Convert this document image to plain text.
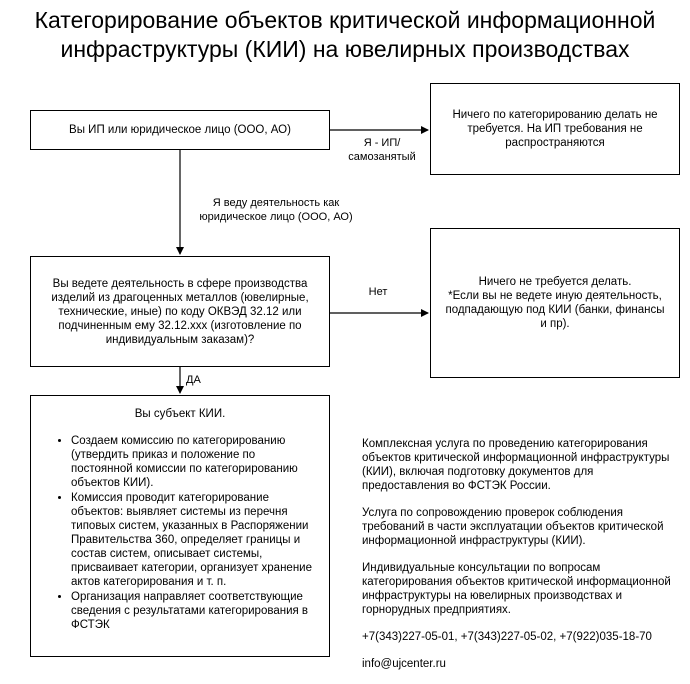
Категорирование объектов критической информационной
инфраструктуры (КИИ) на ювелирных производствах
Вы ИП или юридическое лицо (ООО, АО)
Ничего по категорированию делать не требуется. На ИП требования не распространяются
Я - ИП/ самозанятый
Я веду деятельность как юридическое лицо (ООО, АО)
Вы ведете деятельность в сфере производства изделий из драгоценных металлов (ювелирные, технические, иные) по коду ОКВЭД 32.12 или подчиненным ему 32.12.xxx (изготовление по индивидуальным заказам)?
Нет
Ничего не требуется делать.
*Если вы не ведете иную деятельность, подпадающую под КИИ (банки, финансы и пр).
ДА
Вы субъект КИИ.
• Создаем комиссию по категорированию (утвердить приказ и положение по постоянной комиссии по категорированию объектов КИИ).
• Комиссия проводит категорирование объектов: выявляет системы из перечня типовых систем, указанных в Распоряжении Правительства 360, определяет границы и состав систем, описывает системы, присваивает категории, организует хранение актов категорирования и т. п.
• Организация направляет соответствующие сведения с результатами категорирования в ФСТЭК

Комплексная услуга по проведению категорирования объектов критической информационной инфраструктуры (КИИ), включая подготовку документов для предоставления во ФСТЭК России.

Услуга по сопровождению проверок соблюдения требований в части эксплуатации объектов критической информационной инфраструктуры (КИИ).

Индивидуальные консультации по вопросам категорирования объектов критической информационной инфраструктуры на ювелирных производствах и горнорудных предприятиях.

+7(343)227-05-01, +7(343)227-05-02, +7(922)035-18-70

info@ujcenter.ru
